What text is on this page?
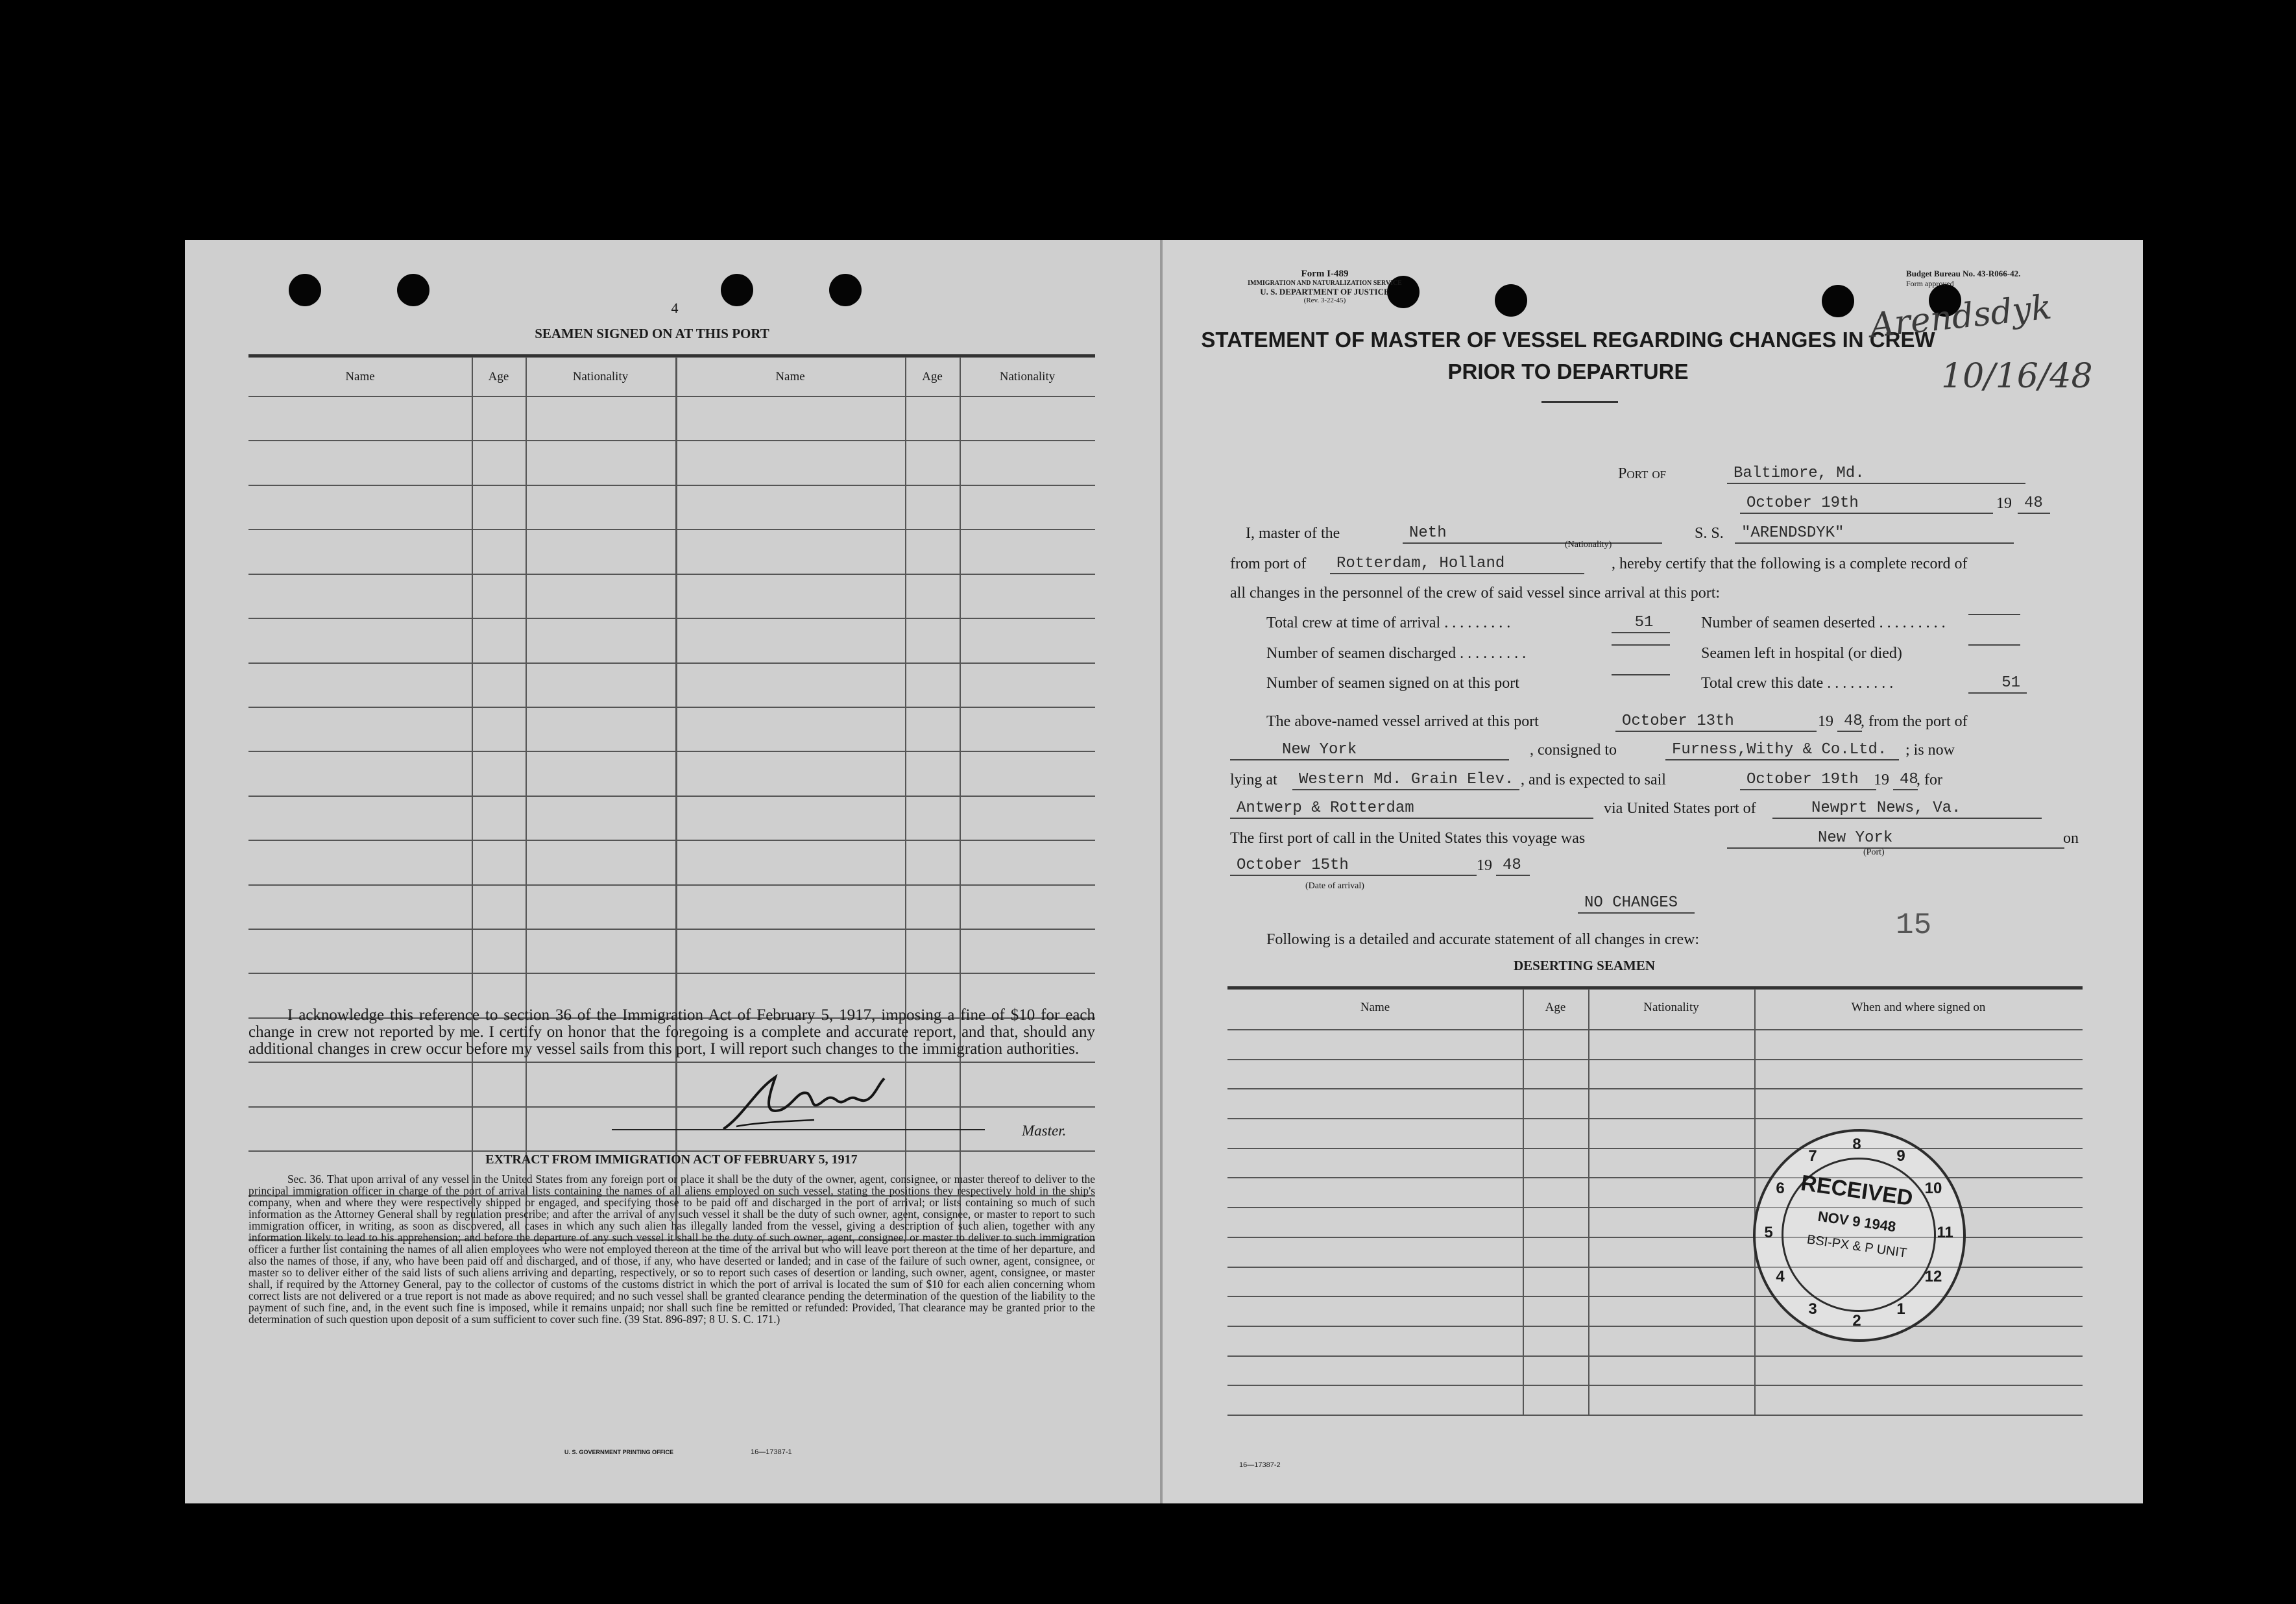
4
SEAMEN SIGNED ON AT THIS PORT
Name	Age	Nationality	Name	Age	Nationality

I acknowledge this reference to section 36 of the Immigration Act of February 5, 1917, imposing a fine of $10 for each change in crew not reported by me. I certify on honor that the foregoing is a complete and accurate report, and that, should any additional changes in crew occur before my vessel sails from this port, I will report such changes to the immigration authorities.

Master.
EXTRACT FROM IMMIGRATION ACT OF FEBRUARY 5, 1917

Sec. 36. That upon arrival of any vessel in the United States from any foreign port or place it shall be the duty of the owner, agent, consignee, or master thereof to deliver to the principal immigration officer in charge of the port of arrival lists containing the names of all aliens employed on such vessel, stating the positions they respectively hold in the ship's company, when and where they were respectively shipped or engaged, and specifying those to be paid off and discharged in the port of arrival; or lists containing so much of such information as the Attorney General shall by regulation prescribe; and after the arrival of any such vessel it shall be the duty of such owner, agent, consignee, or master to report to such immigration officer, in writing, as soon as discovered, all cases in which any such alien has illegally landed from the vessel, giving a description of such alien, together with any information likely to lead to his apprehension; and before the departure of any such vessel it shall be the duty of such owner, agent, consignee, or master to deliver to such immigration officer a further list containing the names of all alien employees who were not employed thereon at the time of the arrival but who will leave port thereon at the time of her departure, and also the names of those, if any, who have been paid off and discharged, and of those, if any, who have deserted or landed; and in case of the failure of such owner, agent, consignee, or master so to deliver either of the said lists of such aliens arriving and departing, respectively, or so to report such cases of desertion or landing, such owner, agent, consignee, or master shall, if required by the Attorney General, pay to the collector of customs of the customs district in which the port of arrival is located the sum of $10 for each alien concerning whom correct lists are not delivered or a true report is not made as above required; and no such vessel shall be granted clearance pending the determination of the question of the liability to the payment of such fine, and, in the event such fine is imposed, while it remains unpaid; nor shall such fine be remitted or refunded: Provided, That clearance may be granted prior to the determination of such question upon deposit of a sum sufficient to cover such fine. (39 Stat. 896-897; 8 U. S. C. 171.)

U. S. GOVERNMENT PRINTING OFFICE	16—17387-1
Form I-489
IMMIGRATION AND NATURALIZATION SERVICE
U. S. DEPARTMENT OF JUSTICE
(Rev. 3-22-45)
Budget Bureau No. 43-R066-42.
Form approved
STATEMENT OF MASTER OF VESSEL REGARDING CHANGES IN CREW
PRIOR TO DEPARTURE
Arendsdyk
10/16/48
Port of	Baltimore, Md.
October 19th	19 48
I, master of the	Neth
(Nationality)
S. S.	"ARENDSDYK"
from port of	Rotterdam, Holland	, hereby certify that the following is a complete record of
all changes in the personnel of the crew of said vessel since arrival at this port:
Total crew at time of arrival . . .	51	Number of seamen deserted . . .
Number of seamen discharged . . .	Seamen left in hospital (or died)
Number of seamen signed on at this port	Total crew this date . . .	51
The above-named vessel arrived at this port	October 13th	19 48
, from the port of
New York	, consigned to	Furness,Withy & Co.Ltd.	; is now
lying at	Western Md. Grain Elev. , and is expected to sail	October 19th 19 48
, for
Antwerp & Rotterdam	via United States port of	Newprt News, Va.
The first port of call in the United States this voyage was	New York
(Port)
on
October 15th
(Date of arrival)
19 48
NO CHANGES
Following is a detailed and accurate statement of all changes in crew:	15
DESERTING SEAMEN
Name	Age	Nationality	When and where signed on
9
10
11
12
1
2
3
4
5
6
7
8
RECEIVED
NOV 9 1948
BSI-PX & P UNIT
16—17387-2
